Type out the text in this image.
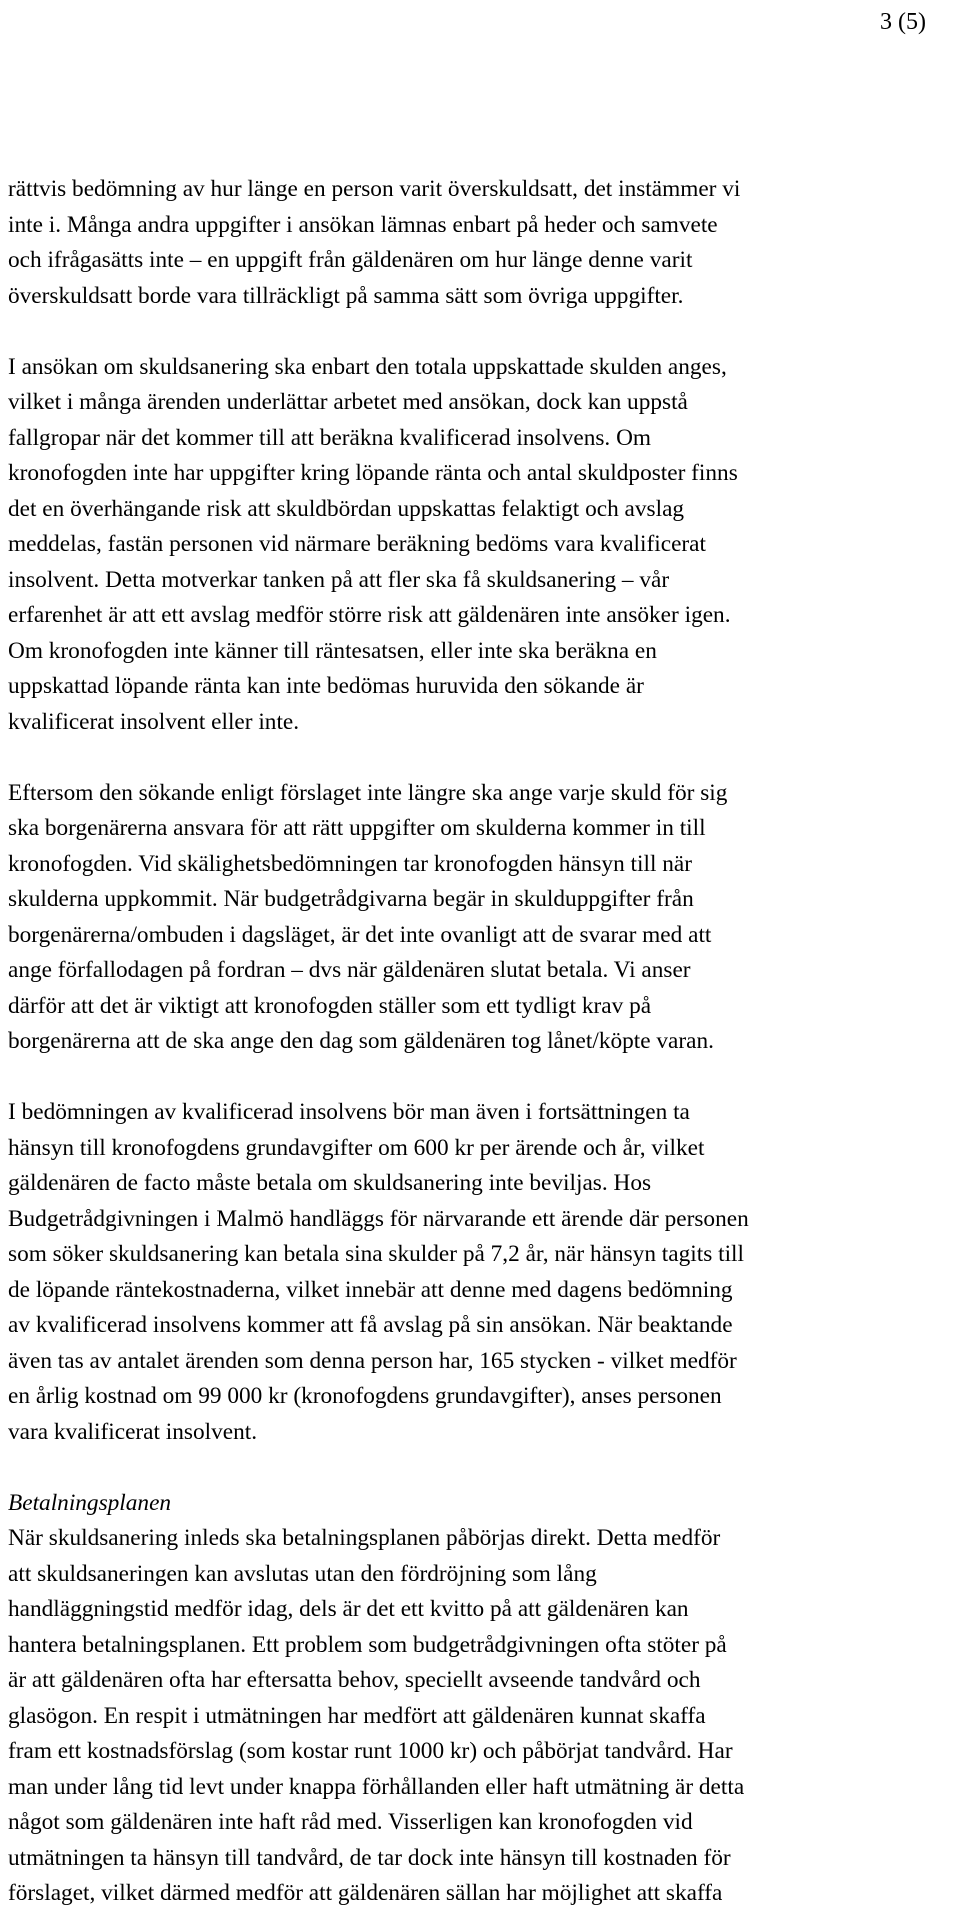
3 (5)

rättvis bedömning av hur länge en person varit överskuldsatt, det instämmer vi
inte i. Många andra uppgifter i ansökan lämnas enbart på heder och samvete
och ifrågasätts inte – en uppgift från gäldenären om hur länge denne varit
överskuldsatt borde vara tillräckligt på samma sätt som övriga uppgifter.

I ansökan om skuldsanering ska enbart den totala uppskattade skulden anges,
vilket i många ärenden underlättar arbetet med ansökan, dock kan uppstå
fallgropar när det kommer till att beräkna kvalificerad insolvens. Om
kronofogden inte har uppgifter kring löpande ränta och antal skuldposter finns
det en överhängande risk att skuldbördan uppskattas felaktigt och avslag
meddelas, fastän personen vid närmare beräkning bedöms vara kvalificerat
insolvent. Detta motverkar tanken på att fler ska få skuldsanering – vår
erfarenhet är att ett avslag medför större risk att gäldenären inte ansöker igen.
Om kronofogden inte känner till räntesatsen, eller inte ska beräkna en
uppskattad löpande ränta kan inte bedömas huruvida den sökande är
kvalificerat insolvent eller inte.

Eftersom den sökande enligt förslaget inte längre ska ange varje skuld för sig
ska borgenärerna ansvara för att rätt uppgifter om skulderna kommer in till
kronofogden. Vid skälighetsbedömningen tar kronofogden hänsyn till när
skulderna uppkommit. När budgetrådgivarna begär in skulduppgifter från
borgenärerna/ombuden i dagsläget, är det inte ovanligt att de svarar med att
ange förfallodagen på fordran – dvs när gäldenären slutat betala. Vi anser
därför att det är viktigt att kronofogden ställer som ett tydligt krav på
borgenärerna att de ska ange den dag som gäldenären tog lånet/köpte varan.

I bedömningen av kvalificerad insolvens bör man även i fortsättningen ta
hänsyn till kronofogdens grundavgifter om 600 kr per ärende och år, vilket
gäldenären de facto måste betala om skuldsanering inte beviljas. Hos
Budgetrådgivningen i Malmö handläggs för närvarande ett ärende där personen
som söker skuldsanering kan betala sina skulder på 7,2 år, när hänsyn tagits till
de löpande räntekostnaderna, vilket innebär att denne med dagens bedömning
av kvalificerad insolvens kommer att få avslag på sin ansökan. När beaktande
även tas av antalet ärenden som denna person har, 165 stycken - vilket medför
en årlig kostnad om 99 000 kr (kronofogdens grundavgifter), anses personen
vara kvalificerat insolvent.

Betalningsplanen
När skuldsanering inleds ska betalningsplanen påbörjas direkt. Detta medför
att skuldsaneringen kan avslutas utan den fördröjning som lång
handläggningstid medför idag, dels är det ett kvitto på att gäldenären kan
hantera betalningsplanen. Ett problem som budgetrådgivningen ofta stöter på
är att gäldenären ofta har eftersatta behov, speciellt avseende tandvård och
glasögon. En respit i utmätningen har medfört att gäldenären kunnat skaffa
fram ett kostnadsförslag (som kostar runt 1000 kr) och påbörjat tandvård. Har
man under lång tid levt under knappa förhållanden eller haft utmätning är detta
något som gäldenären inte haft råd med. Visserligen kan kronofogden vid
utmätningen ta hänsyn till tandvård, de tar dock inte hänsyn till kostnaden för
förslaget, vilket därmed medför att gäldenären sällan har möjlighet att skaffa
